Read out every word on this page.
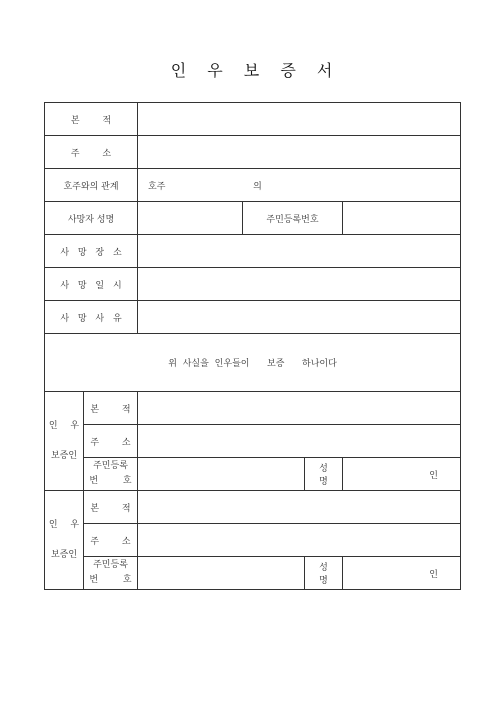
인 우 보 증 서
본 적					
주 소					
호주와의 관계		호주 의			
사망자 성명			주민등록번호		
사 망 장 소					
사 망 일 시					
사 망 사 유					
위 사실을 인우들이   보증   하나이다					

인 우
보증인	본 적				
	주 소				

	주민등록
번 호			성 명	인

인 우
보증인	본 적				
	주 소				

	주민등록
번 호			성 명	인
